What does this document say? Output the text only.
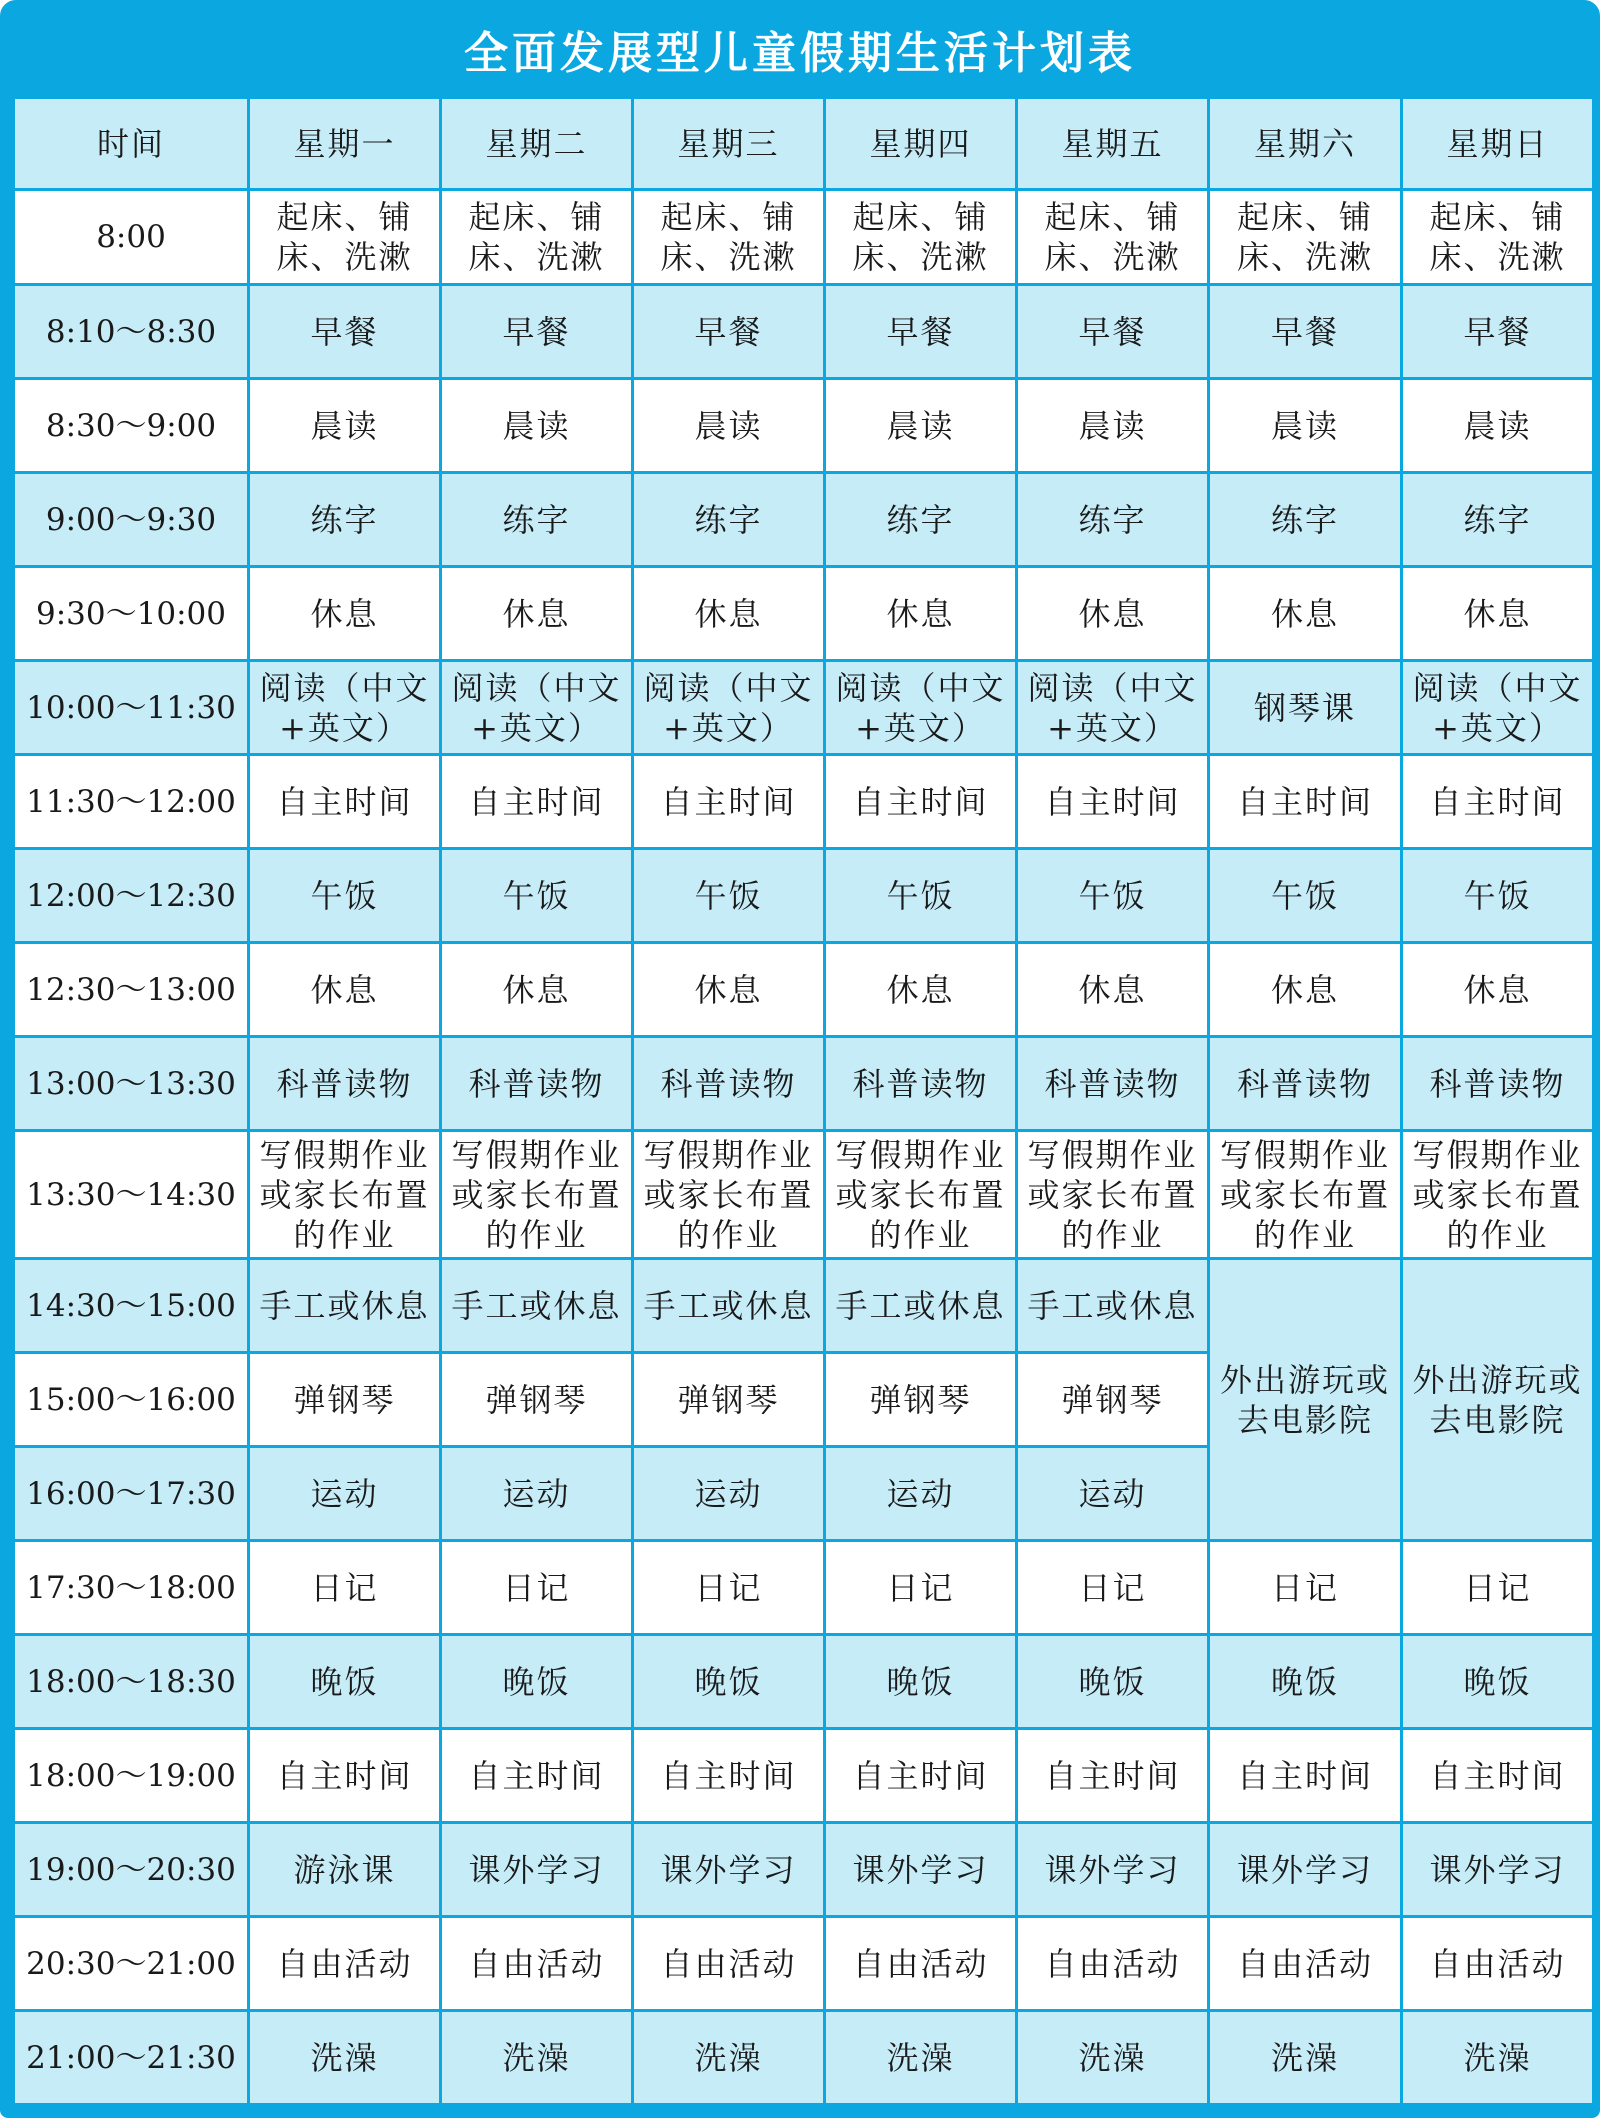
全面发展型儿童假期生活计划表
时间	星期一	星期二	星期三	星期四	星期五	星期六	星期日
8:00	起床、铺床、洗漱	起床、铺床、洗漱	起床、铺床、洗漱	起床、铺床、洗漱	起床、铺床、洗漱	起床、铺床、洗漱	起床、铺床、洗漱
8:10～8:30	早餐	早餐	早餐	早餐	早餐	早餐	早餐
8:30～9:00	晨读	晨读	晨读	晨读	晨读	晨读	晨读
9:00～9:30	练字	练字	练字	练字	练字	练字	练字
9:30～10:00	休息	休息	休息	休息	休息	休息	休息
10:00～11:30	阅读（中文+英文）	阅读（中文+英文）	阅读（中文+英文）	阅读（中文+英文）	阅读（中文+英文）	钢琴课	阅读（中文+英文）
11:30～12:00	自主时间	自主时间	自主时间	自主时间	自主时间	自主时间	自主时间
12:00～12:30	午饭	午饭	午饭	午饭	午饭	午饭	午饭
12:30～13:00	休息	休息	休息	休息	休息	休息	休息
13:00～13:30	科普读物	科普读物	科普读物	科普读物	科普读物	科普读物	科普读物
13:30～14:30	写假期作业或家长布置的作业	写假期作业或家长布置的作业	写假期作业或家长布置的作业	写假期作业或家长布置的作业	写假期作业或家长布置的作业	写假期作业或家长布置的作业	写假期作业或家长布置的作业
14:30～15:00	手工或休息	手工或休息	手工或休息	手工或休息	手工或休息	外出游玩或去电影院	外出游玩或去电影院
15:00～16:00	弹钢琴	弹钢琴	弹钢琴	弹钢琴	弹钢琴		
16:00～17:30	运动	运动	运动	运动	运动		
17:30～18:00	日记	日记	日记	日记	日记	日记	日记
18:00～18:30	晚饭	晚饭	晚饭	晚饭	晚饭	晚饭	晚饭
18:00～19:00	自主时间	自主时间	自主时间	自主时间	自主时间	自主时间	自主时间
19:00～20:30	游泳课	课外学习	课外学习	课外学习	课外学习	课外学习	课外学习
20:30～21:00	自由活动	自由活动	自由活动	自由活动	自由活动	自由活动	自由活动
21:00～21:30	洗澡	洗澡	洗澡	洗澡	洗澡	洗澡	洗澡
